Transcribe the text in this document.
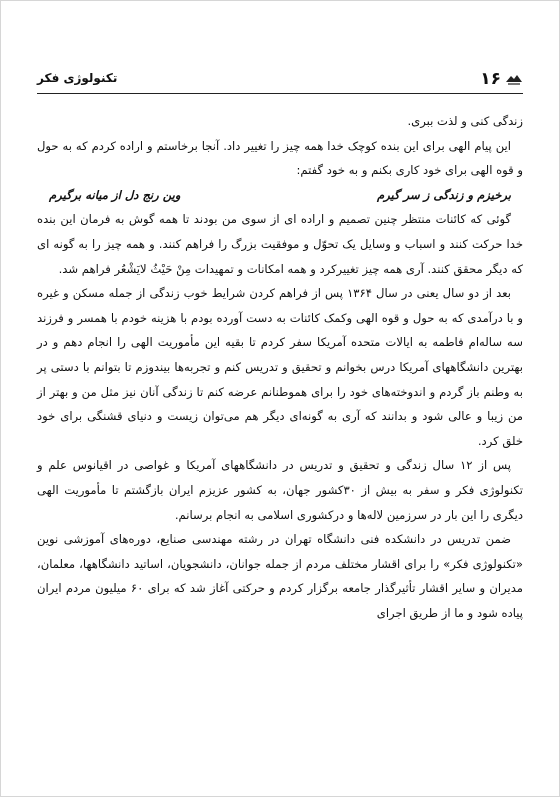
۱۶
تکنولوژی فکر

زندگی کنی و لذت ببری.

این پیام الهی برای این بنده کوچک خدا همه چیز را تغییر داد. آنجا برخاستم و اراده کردم که به حول و قوه الهی برای خود کاری بکنم و به خود گفتم:

برخیزم و زندگی ز سر گیرم
وین رنج دل از میانه برگیرم

گوئی که کائنات منتظر چنین تصمیم و اراده ای از سوی من بودند تا همه گوش به فرمان این بنده خدا حرکت کنند و اسباب و وسایل یک تحوّل و موفقیت بزرگ را فراهم کنند. و همه چیز را به گونه ای که دیگر محقق کنند. آری همه چیز تغییرکرد و همه امکانات و تمهیدات مِنْ حَیْثُ لایَشْعُر فراهم شد.

بعد از دو سال یعنی در سال ۱۳۶۴ پس از فراهم کردن شرایط خوب زندگی از جمله مسکن و غیره و با درآمدی که به حول و قوه الهی وکمک کائنات به دست آورده بودم با هزینه خودم با همسر و فرزند سه ساله‌ام فاطمه به ایالات متحده آمریکا سفر کردم تا بقیه این مأموریت الهی را انجام دهم و در بهترین دانشگاههای آمریکا درس بخوانم و تحقیق و تدریس کنم و تجربه‌ها بیندوزم تا بتوانم با دستی پر به وطنم باز گردم و اندوخته‌های خود را برای هموطنانم عرضه کنم تا زندگی آنان نیز مثل من و بهتر از من زیبا و عالی شود و بدانند که آری به گونه‌ای دیگر هم می‌توان زیست و دنیای قشنگی برای خود خلق کرد.

پس از ۱۲ سال زندگی و تحقیق و تدریس در دانشگاههای آمریکا و غواصی در اقیانوس علم و تکنولوژی فکر و سفر به بیش از ۳۰کشور جهان، به کشور عزیزم ایران بازگشتم تا مأموریت الهی دیگری را این بار در سرزمین لاله‌ها و درکشوری اسلامی به انجام برسانم.

ضمن تدریس در دانشکده فنی دانشگاه تهران در رشته مهندسی صنایع، دوره‌های آموزشی نوین «تکنولوژی فکر» را برای اقشار مختلف مردم از جمله جوانان، دانشجویان، اساتید دانشگاهها، معلمان، مدیران و سایر اقشار تأثیرگذار جامعه برگزار کردم و حرکتی آغاز شد که برای ۶۰ میلیون مردم ایران پیاده شود و ما از طریق اجرای
